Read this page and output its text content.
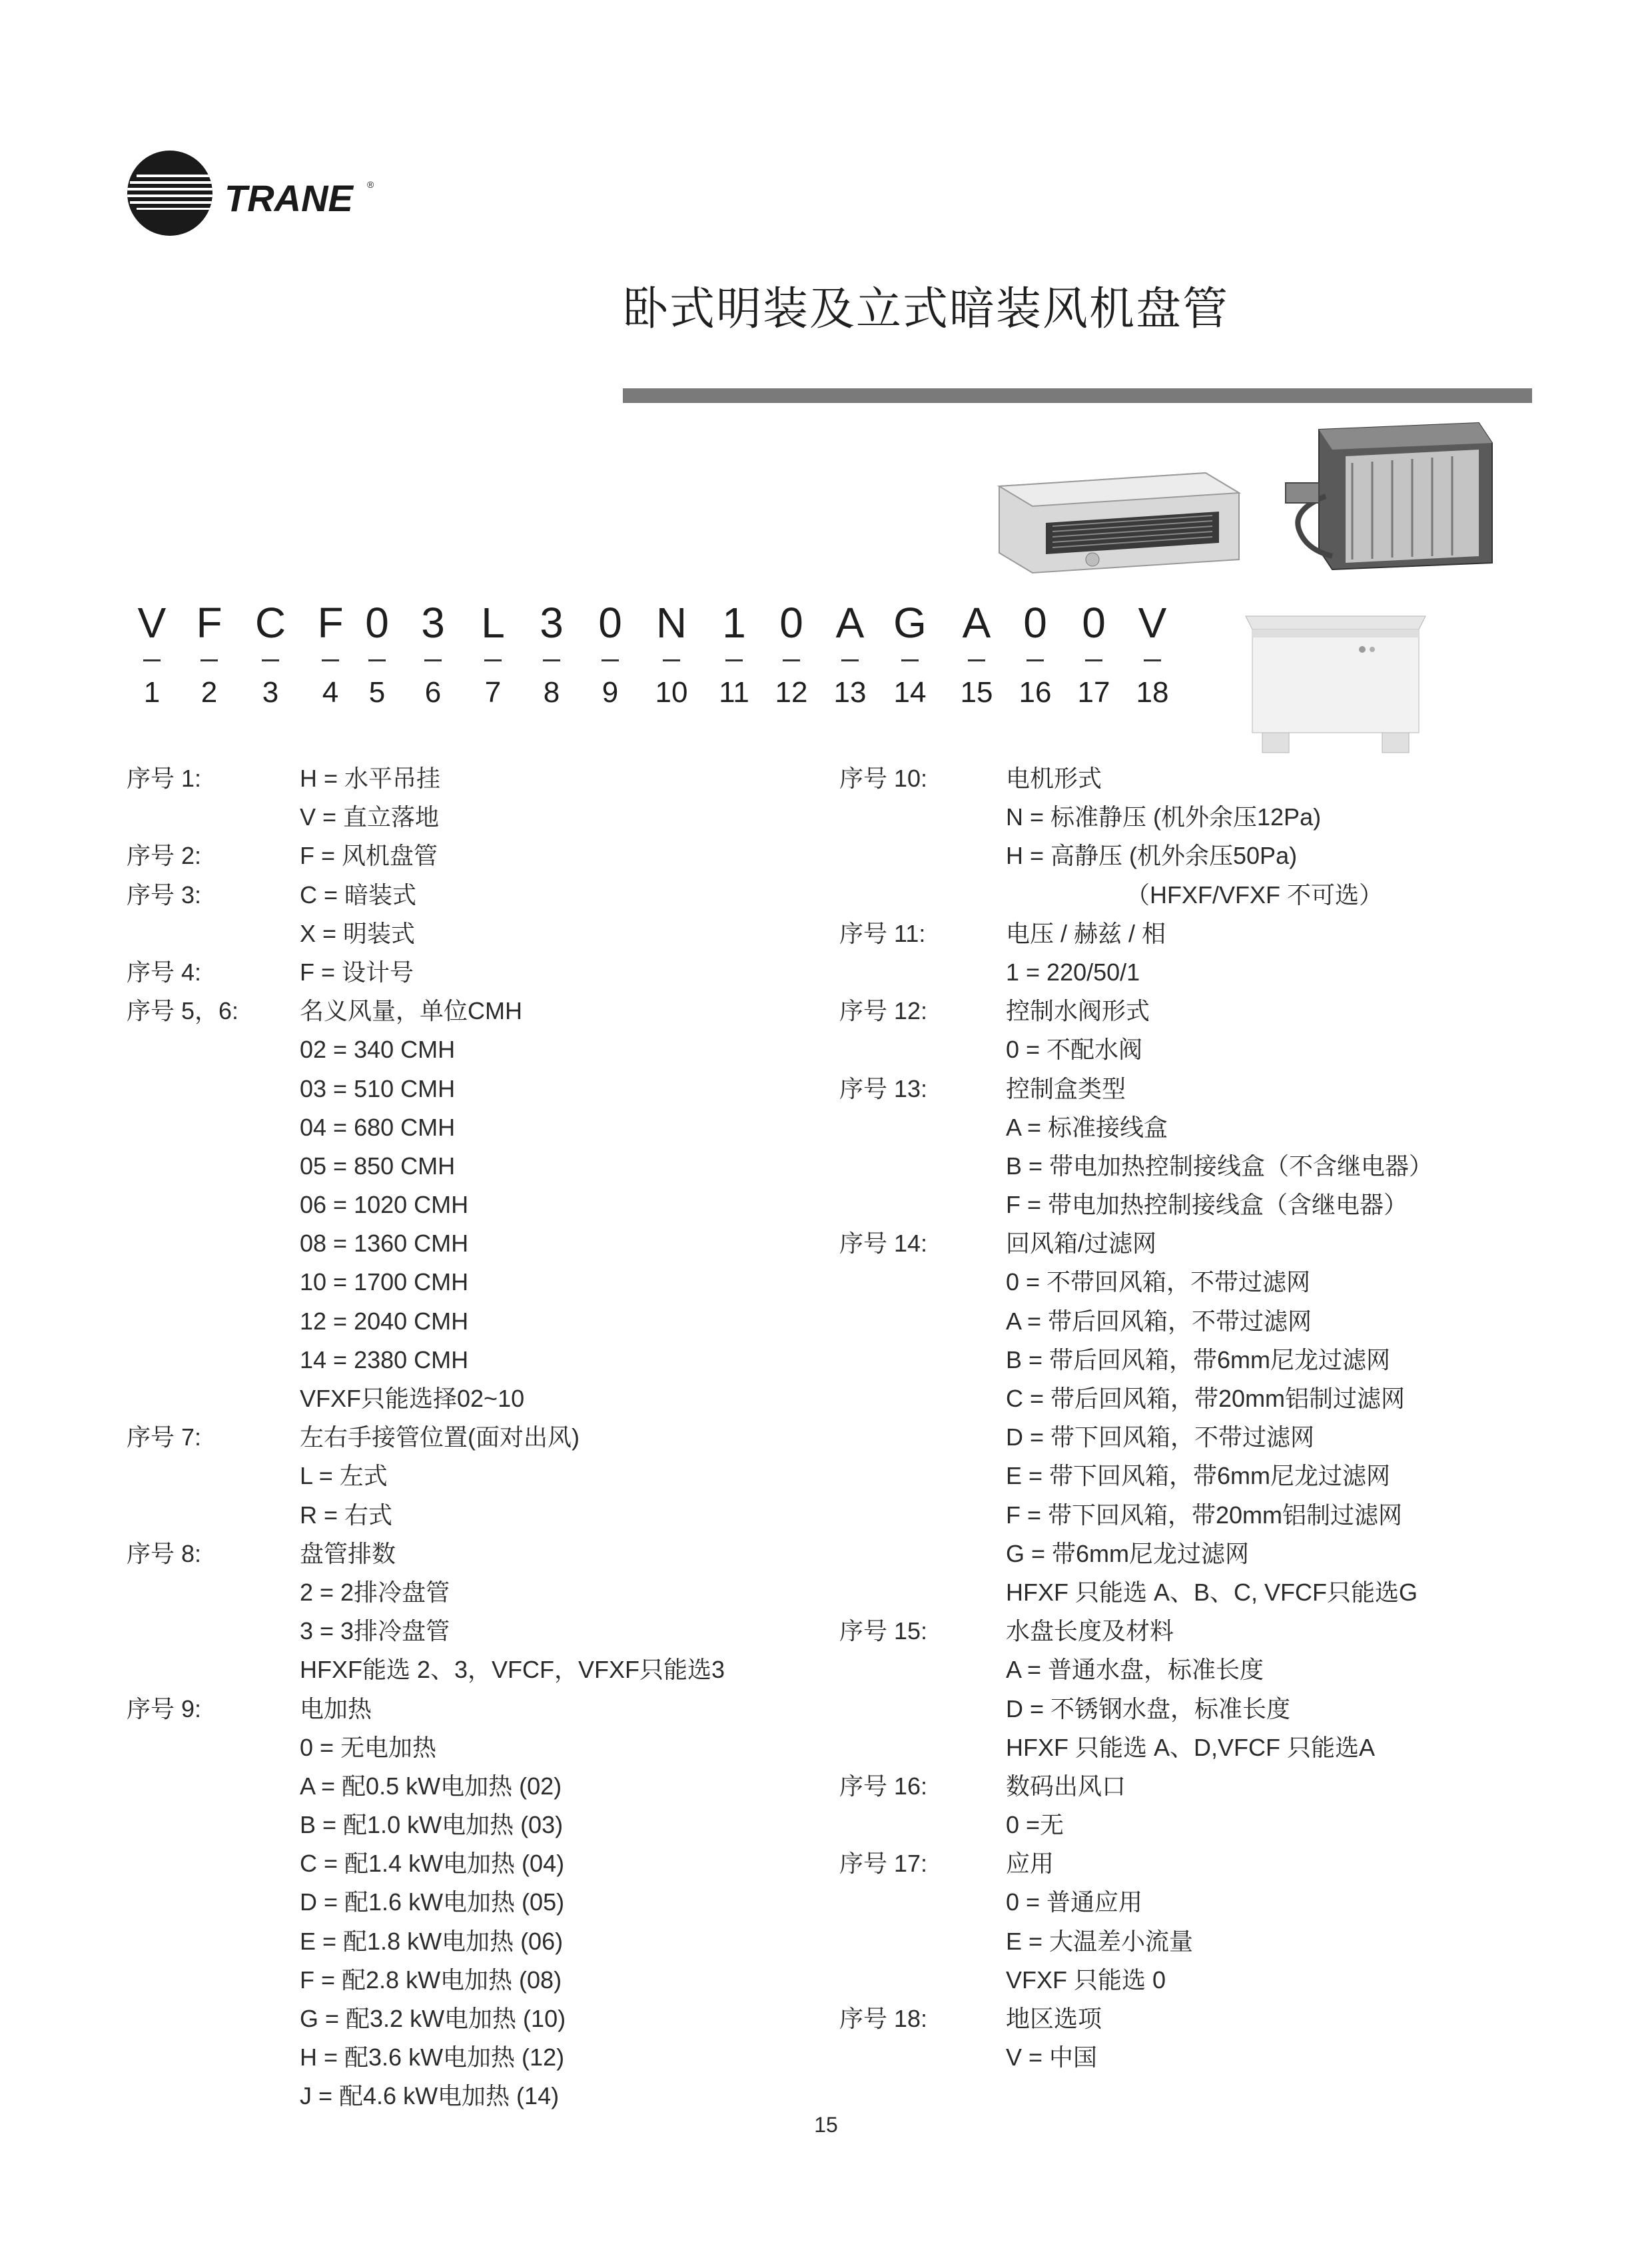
TRANE ®
卧式明装及立式暗装风机盘管
V
1
F
2
C
3
F
4
0
5
3
6
L
7
3
8
0
9
N
10
1
11
0
12
A
13
G
14
A
15
0
16
0
17
V
18
序号 1:	H = 水平吊挂
V = 直立落地
序号 2:	F = 风机盘管
序号 3:	C = 暗装式
X = 明装式
序号 4:	F = 设计号
序号 5，6:	名义风量，单位CMH
02 = 340 CMH
03 = 510 CMH
04 = 680 CMH
05 = 850 CMH
06 = 1020 CMH
08 = 1360 CMH
10 = 1700 CMH
12 = 2040 CMH
14 = 2380 CMH
VFXF只能选择02~10
序号 7:	左右手接管位置(面对出风)
L = 左式
R = 右式
序号 8:	盘管排数
2 = 2排冷盘管
3 = 3排冷盘管
HFXF能选 2、3，VFCF，VFXF只能选3
序号 9:	电加热
0 = 无电加热
A = 配0.5 kW电加热 (02)
B = 配1.0 kW电加热 (03)
C = 配1.4 kW电加热 (04)
D = 配1.6 kW电加热 (05)
E = 配1.8 kW电加热 (06)
F = 配2.8 kW电加热 (08)
G = 配3.2 kW电加热 (10)
H = 配3.6 kW电加热 (12)
J = 配4.6 kW电加热 (14)
序号 10:	电机形式
N = 标准静压 (机外余压12Pa)
H = 高静压 (机外余压50Pa)
（HFXF/VFXF 不可选）
序号 11:	电压 / 赫兹 / 相
1 = 220/50/1
序号 12:	控制水阀形式
0 = 不配水阀
序号 13:	控制盒类型
A = 标准接线盒
B = 带电加热控制接线盒（不含继电器）
F = 带电加热控制接线盒（含继电器）
序号 14:	回风箱/过滤网
0 = 不带回风箱，不带过滤网
A = 带后回风箱，不带过滤网
B = 带后回风箱，带6mm尼龙过滤网
C = 带后回风箱，带20mm铝制过滤网
D = 带下回风箱，不带过滤网
E = 带下回风箱，带6mm尼龙过滤网
F = 带下回风箱，带20mm铝制过滤网
G = 带6mm尼龙过滤网
HFXF 只能选 A、B、C, VFCF只能选G
序号 15:	水盘长度及材料
A = 普通水盘，标准长度
D = 不锈钢水盘，标准长度
HFXF 只能选 A、D,VFCF 只能选A
序号 16:	数码出风口
0 =无
序号 17:	应用
0 = 普通应用
E = 大温差小流量
VFXF 只能选 0
序号 18:	地区选项
V = 中国
15
